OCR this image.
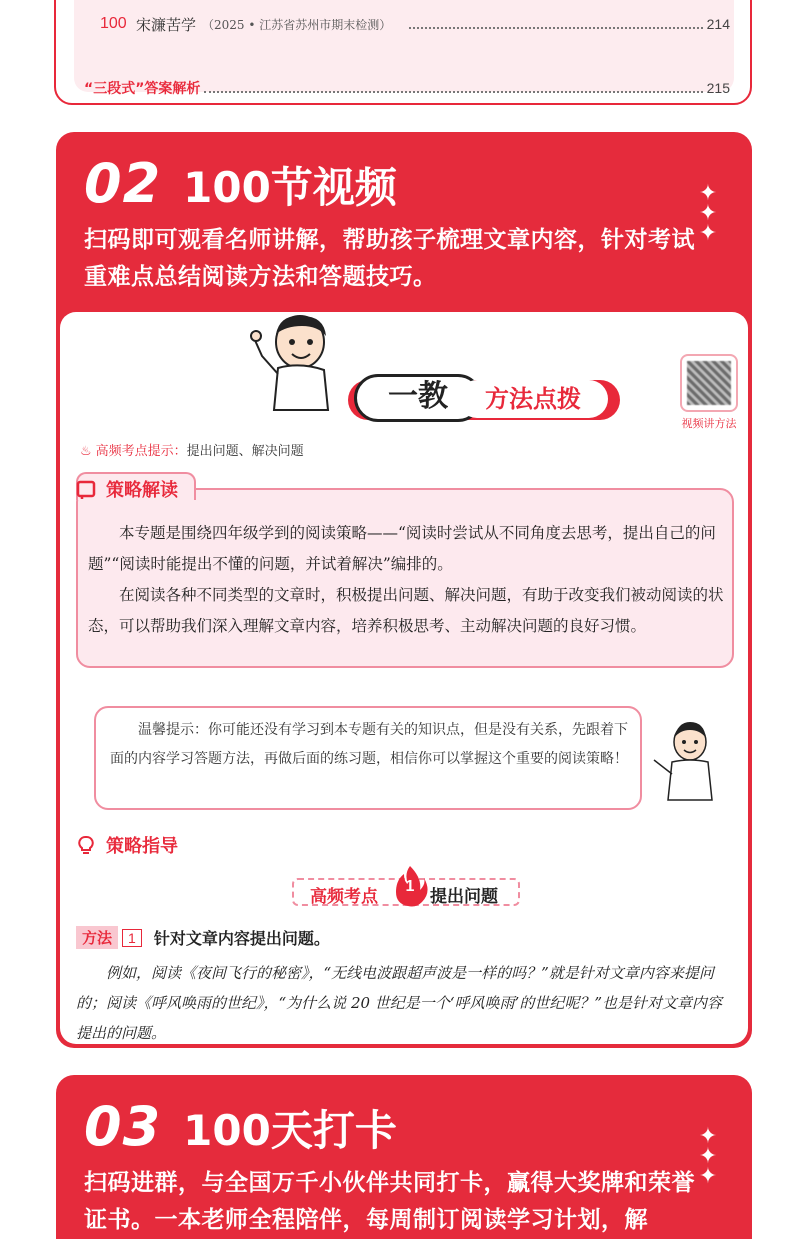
100 宋濂苦学 （2025 • 江苏省苏州市期末检测）	214
“三段式”答案解析	215
02 100节视频	✦
✦
✦
扫码即可观看名师讲解，帮助孩子梳理文章内容，针对考试重难点总结阅读方法和答题技巧。
一教	方法点拨
视频讲方法
♨ 高频考点提示：提出问题、解决问题
策略解读

本专题是围绕四年级学到的阅读策略——“阅读时尝试从不同角度去思考，提出自己的问题”“阅读时能提出不懂的问题，并试着解决”编排的。

在阅读各种不同类型的文章时，积极提出问题、解决问题，有助于改变我们被动阅读的状态，可以帮助我们深入理解文章内容，培养积极思考、主动解决问题的良好习惯。

温馨提示：你可能还没有学习到本专题有关的知识点，但是没有关系，先跟着下面的内容学习答题方法，再做后面的练习题，相信你可以掌握这个重要的阅读策略！
策略指导
高频考点
1
提出问题
方法	1	针对文章内容提出问题。

例如，阅读《夜间飞行的秘密》，“无线电波跟超声波是一样的吗？”就是针对文章内容来提问的；阅读《呼风唤雨的世纪》，“为什么说 20 世纪是一个‘呼风唤雨’的世纪呢？”也是针对文章内容提出的问题。

03 100天打卡	✦
✦
✦
扫码进群，与全国万千小伙伴共同打卡，赢得大奖牌和荣誉证书。一本老师全程陪伴，每周制订阅读学习计划，解
